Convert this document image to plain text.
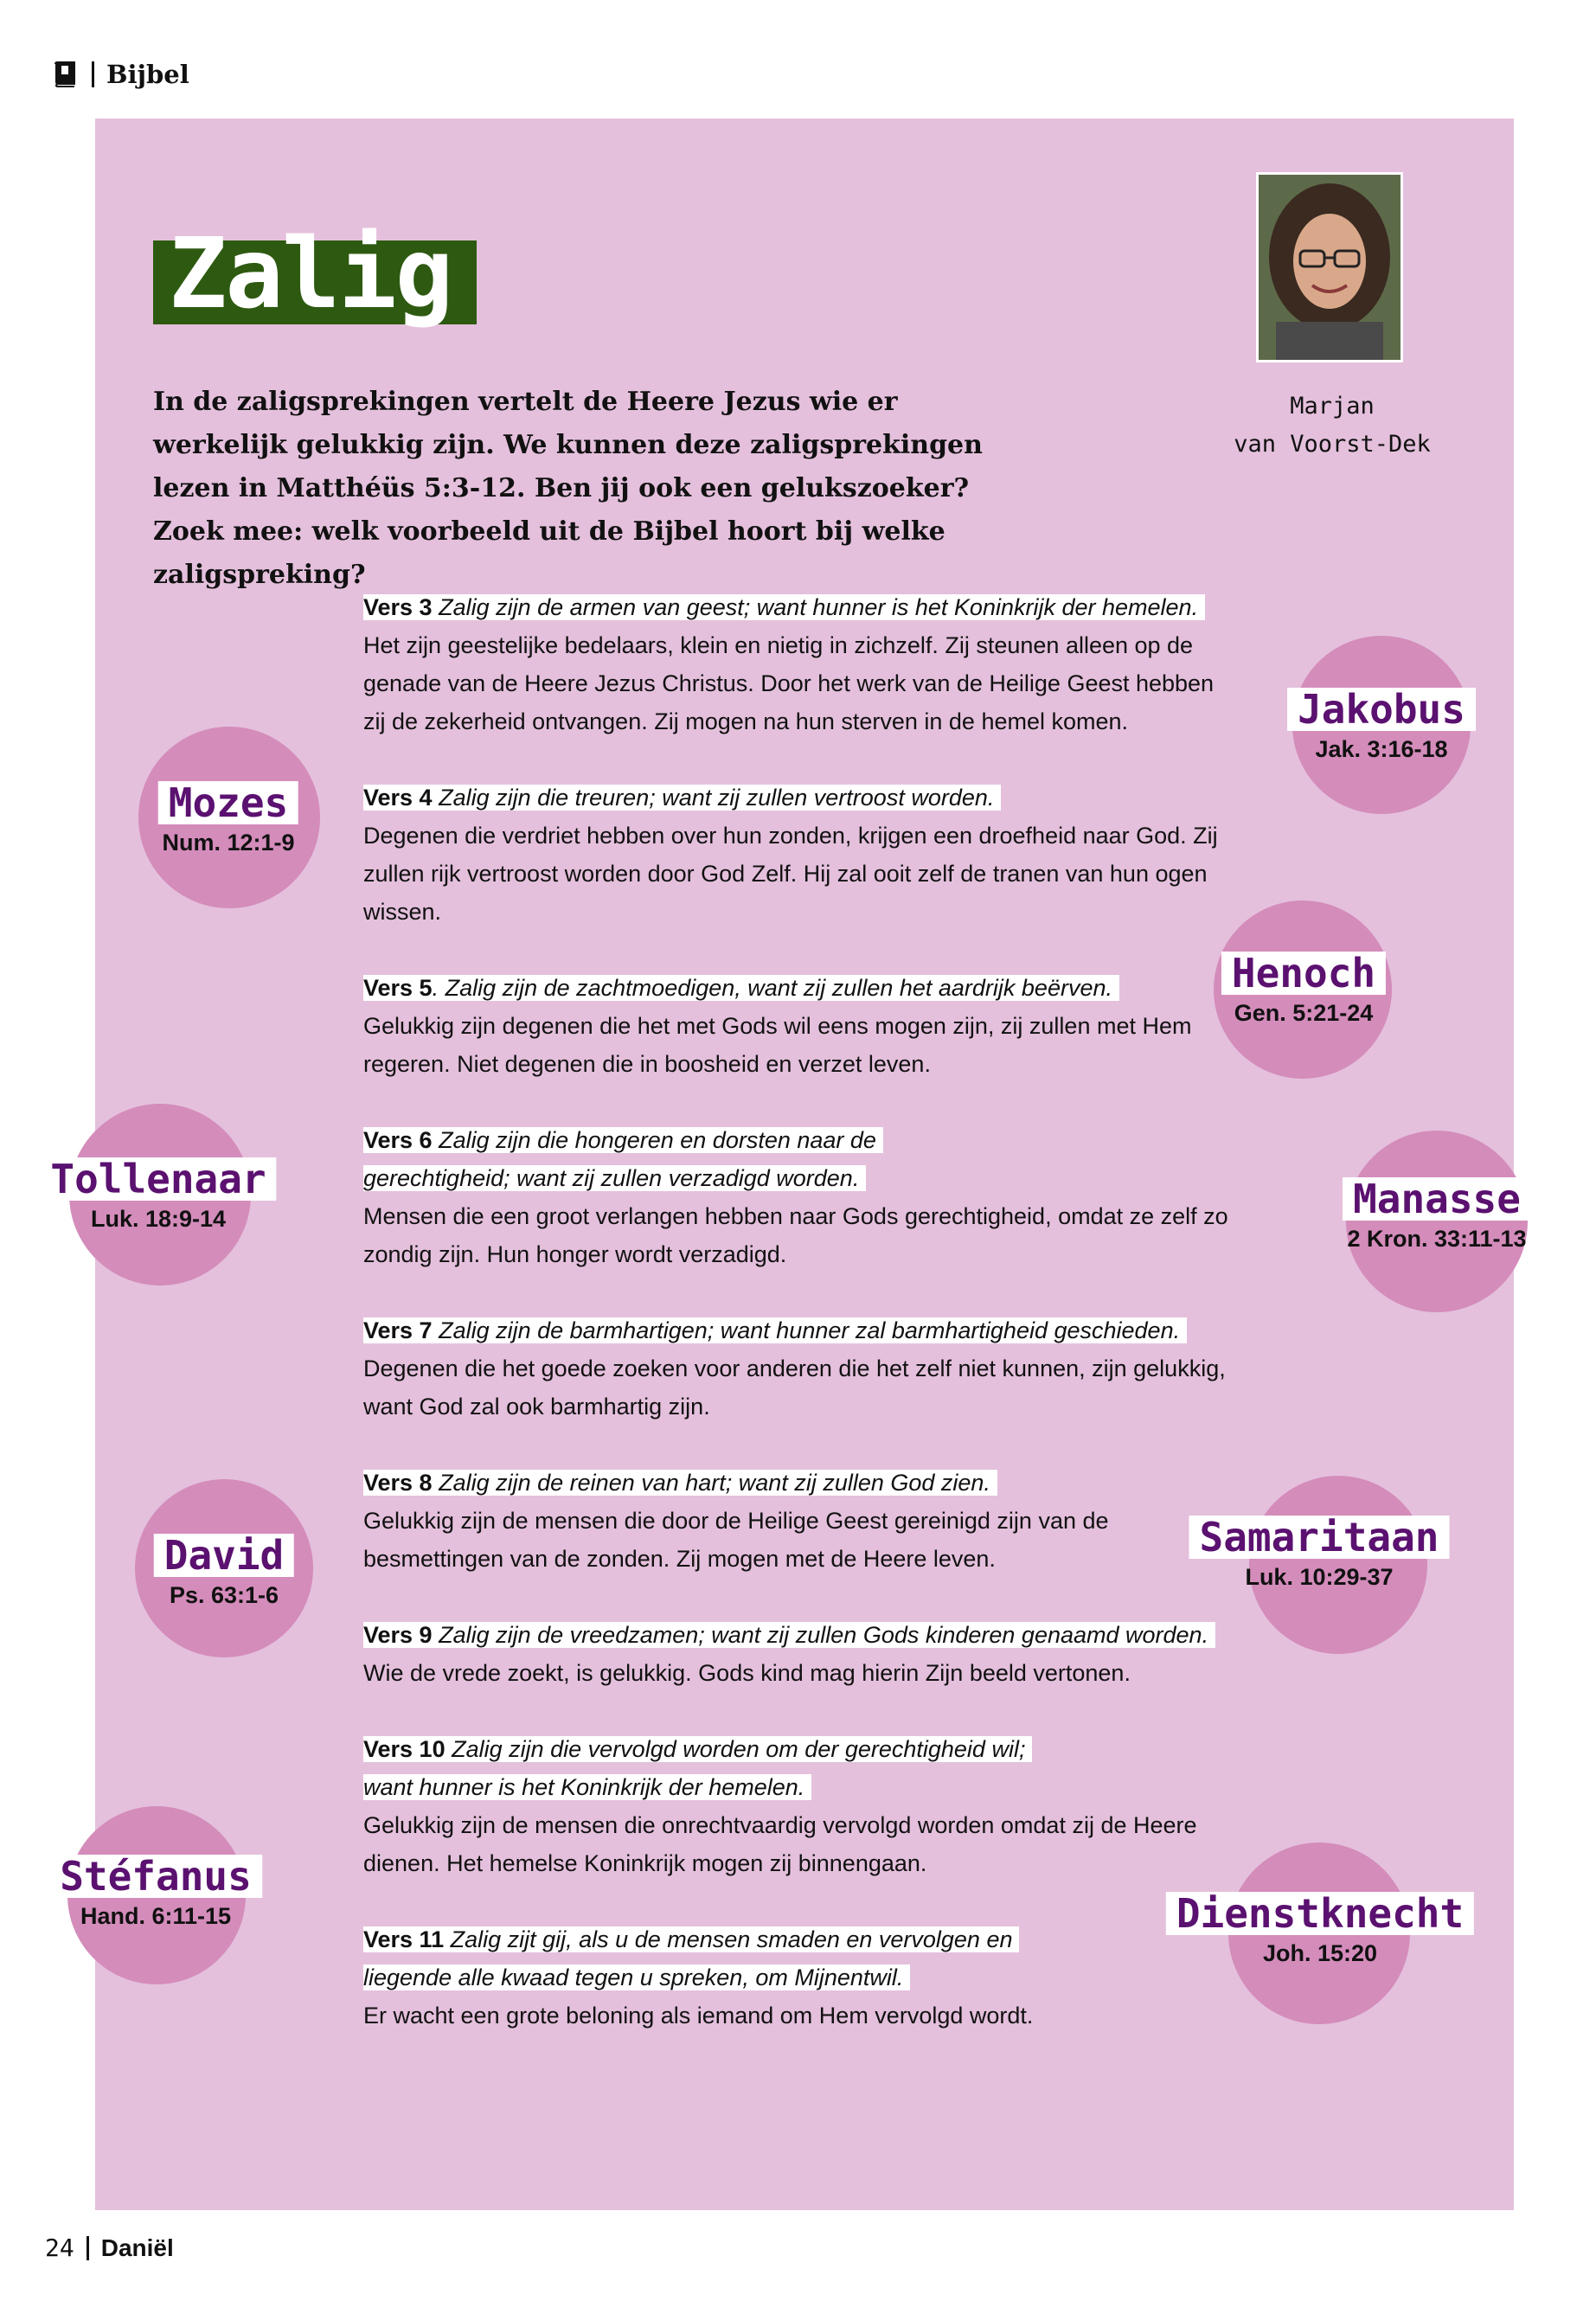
Bijbel
Zalig
In de zaligsprekingen vertelt de Heere Jezus wie er werkelijk gelukkig zijn. We kunnen deze zaligsprekingen lezen in Matthéüs 5:3-12. Ben jij ook een gelukszoeker? Zoek mee: welk voorbeeld uit de Bijbel hoort bij welke zaligspreking?
Marjan
van Voorst-Dek
Vers 3 Zalig zijn de armen van geest; want hunner is het Koninkrijk der hemelen.
Het zijn geestelijke bedelaars, klein en nietig in zichzelf. Zij steunen alleen op de genade van de Heere Jezus Christus. Door het werk van de Heilige Geest hebben zij de zekerheid ontvangen. Zij mogen na hun sterven in de hemel komen.
Vers 4 Zalig zijn die treuren; want zij zullen vertroost worden.
Degenen die verdriet hebben over hun zonden, krijgen een droefheid naar God. Zij zullen rijk vertroost worden door God Zelf. Hij zal ooit zelf de tranen van hun ogen wissen.
Vers 5. Zalig zijn de zachtmoedigen, want zij zullen het aardrijk beërven.
Gelukkig zijn degenen die het met Gods wil eens mogen zijn, zij zullen met Hem regeren. Niet degenen die in boosheid en verzet leven.
Vers 6 Zalig zijn die hongeren en dorsten naar de gerechtigheid; want zij zullen verzadigd worden.
Mensen die een groot verlangen hebben naar Gods gerechtigheid, omdat ze zelf zo zondig zijn. Hun honger wordt verzadigd.
Vers 7 Zalig zijn de barmhartigen; want hunner zal barmhartigheid geschieden.
Degenen die het goede zoeken voor anderen die het zelf niet kunnen, zijn gelukkig, want God zal ook barmhartig zijn.
Vers 8 Zalig zijn de reinen van hart; want zij zullen God zien.
Gelukkig zijn de mensen die door de Heilige Geest gereinigd zijn van de besmettingen van de zonden. Zij mogen met de Heere leven.
Vers 9 Zalig zijn de vreedzamen; want zij zullen Gods kinderen genaamd worden.
Wie de vrede zoekt, is gelukkig. Gods kind mag hierin Zijn beeld vertonen.
Vers 10 Zalig zijn die vervolgd worden om der gerechtigheid wil; want hunner is het Koninkrijk der hemelen.
Gelukkig zijn de mensen die onrechtvaardig vervolgd worden omdat zij de Heere dienen. Het hemelse Koninkrijk mogen zij binnengaan.
Vers 11 Zalig zijt gij, als u de mensen smaden en vervolgen en liegende alle kwaad tegen u spreken, om Mijnentwil.
Er wacht een grote beloning als iemand om Hem vervolgd wordt.
Jakobus
Jak. 3:16-18
Mozes
Num. 12:1-9
Henoch
Gen. 5:21-24
Tollenaar
Luk. 18:9-14	Manasse
2 Kron. 33:11-13
David
Ps. 63:1-6
Samaritaan
Luk. 10:29-37
Stéfanus
Hand. 6:11-15	Dienstknecht
Joh. 15:20
24 Daniël
